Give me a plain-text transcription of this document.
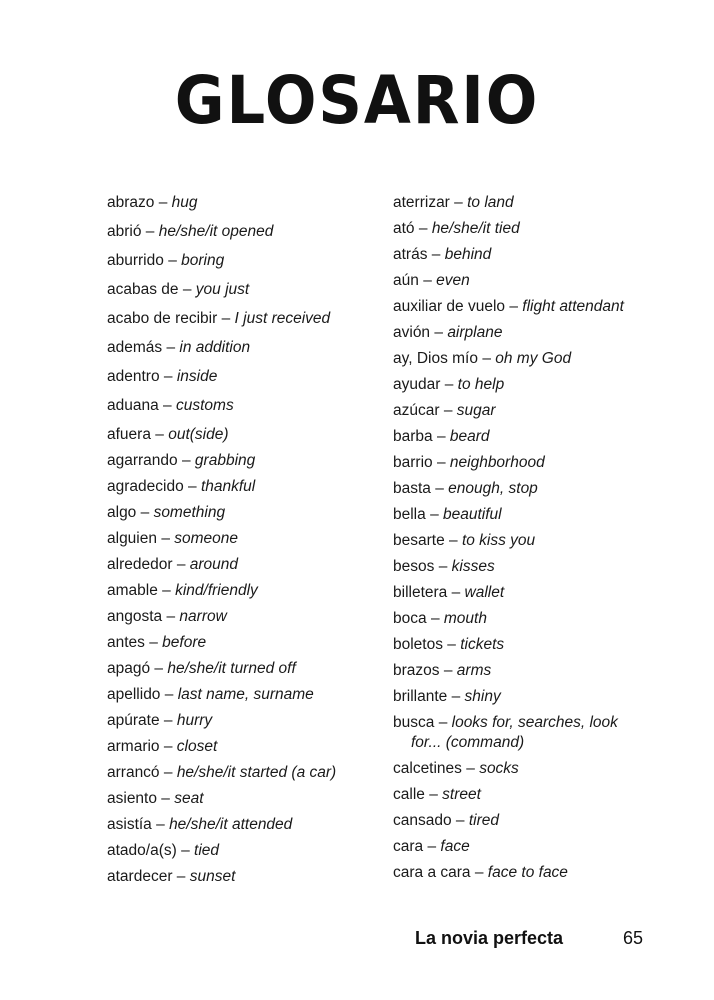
GLOSARIO
abrazo – hug
abrió – he/she/it opened
aburrido – boring
acabas de – you just
acabo de recibir – I just received
además – in addition
adentro – inside
aduana – customs
afuera – out(side)
agarrando – grabbing
agradecido – thankful
algo – something
alguien – someone
alrededor – around
amable – kind/friendly
angosta – narrow
antes – before
apagó – he/she/it turned off
apellido – last name, surname
apúrate – hurry
armario – closet
arrancó – he/she/it started (a car)
asiento – seat
asistía – he/she/it attended
atado/a(s) – tied
atardecer – sunset
aterrizar – to land
ató – he/she/it tied
atrás – behind
aún – even
auxiliar de vuelo – flight attendant
avión – airplane
ay, Dios mío – oh my God
ayudar – to help
azúcar – sugar
barba – beard
barrio – neighborhood
basta – enough, stop
bella – beautiful
besarte – to kiss you
besos – kisses
billetera – wallet
boca – mouth
boletos – tickets
brazos – arms
brillante – shiny
busca – looks for, searches, look
for... (command)
calcetines – socks
calle – street
cansado – tired
cara – face
cara a cara – face to face
La novia perfecta	65
